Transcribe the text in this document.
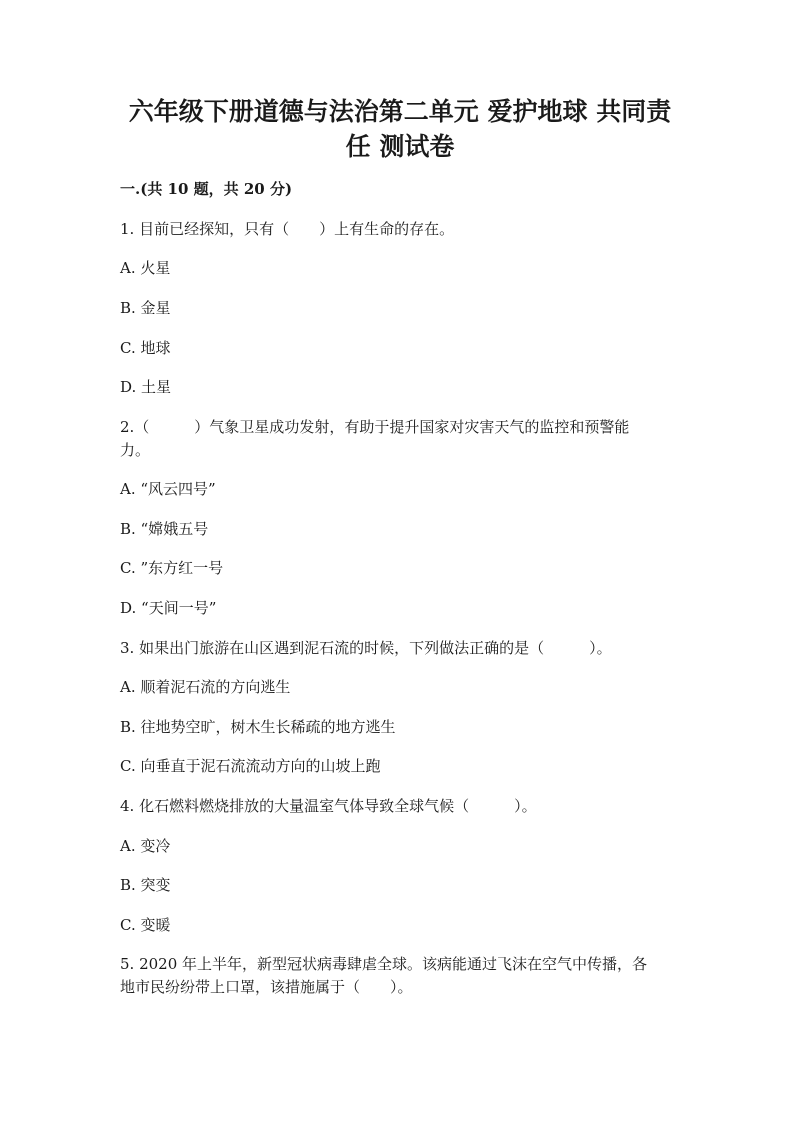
六年级下册道德与法治第二单元 爱护地球 共同责
任 测试卷
一.(共 10 题，共 20 分)
1. 目前已经探知，只有（　　）上有生命的存在。
A. 火星
B. 金星
C. 地球
D. 土星
2.（　　　）气象卫星成功发射，有助于提升国家对灾害天气的监控和预警能
力。
A. “风云四号”
B. “嫦娥五号
C. ”东方红一号
D. “天间一号”
3. 如果出门旅游在山区遇到泥石流的时候，下列做法正确的是（　　　）。
A. 顺着泥石流的方向逃生
B. 往地势空旷，树木生长稀疏的地方逃生
C. 向垂直于泥石流流动方向的山坡上跑
4. 化石燃料燃烧排放的大量温室气体导致全球气候（　　　）。
A. 变冷
B. 突变
C. 变暖
5. 2020 年上半年，新型冠状病毒肆虐全球。该病能通过飞沫在空气中传播，各
地市民纷纷带上口罩，该措施属于（　　）。
